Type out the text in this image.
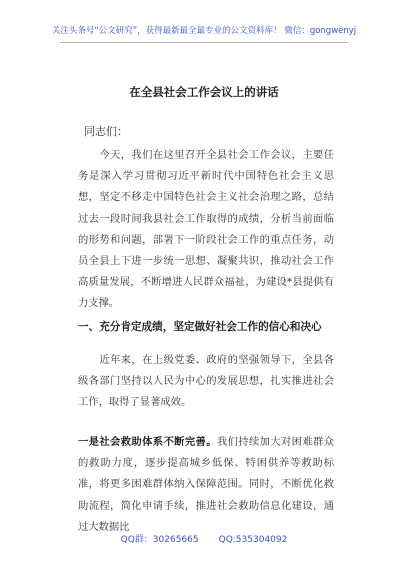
关注头条号“公文研究”，获得最新最全最专业的公文资料库！ 微信：gongwenyj
在全县社会工作会议上的讲话
同志们：

今天，我们在这里召开全县社会工作会议，主要任务是深入学习贯彻习近平新时代中国特色社会主义思想，坚定不移走中国特色社会主义社会治理之路，总结过去一段时间我县社会工作取得的成绩，分析当前面临的形势和问题，部署下一阶段社会工作的重点任务，动员全县上下进一步统一思想、凝聚共识，推动社会工作高质量发展，不断增进人民群众福祉，为建设*县提供有力支撑。

一、充分肯定成绩，坚定做好社会工作的信心和决心

近年来，在上级党委、政府的坚强领导下，全县各级各部门坚持以人民为中心的发展思想，扎实推进社会工作，取得了显著成效。

一是社会救助体系不断完善。我们持续加大对困难群众的救助力度，逐步提高城乡低保、特困供养等救助标准，将更多困难群体纳入保障范围。同时，不断优化救助流程，简化申请手续，推进社会救助信息化建设，通过大数据比

QQ群：30265665 QQ:535304092
